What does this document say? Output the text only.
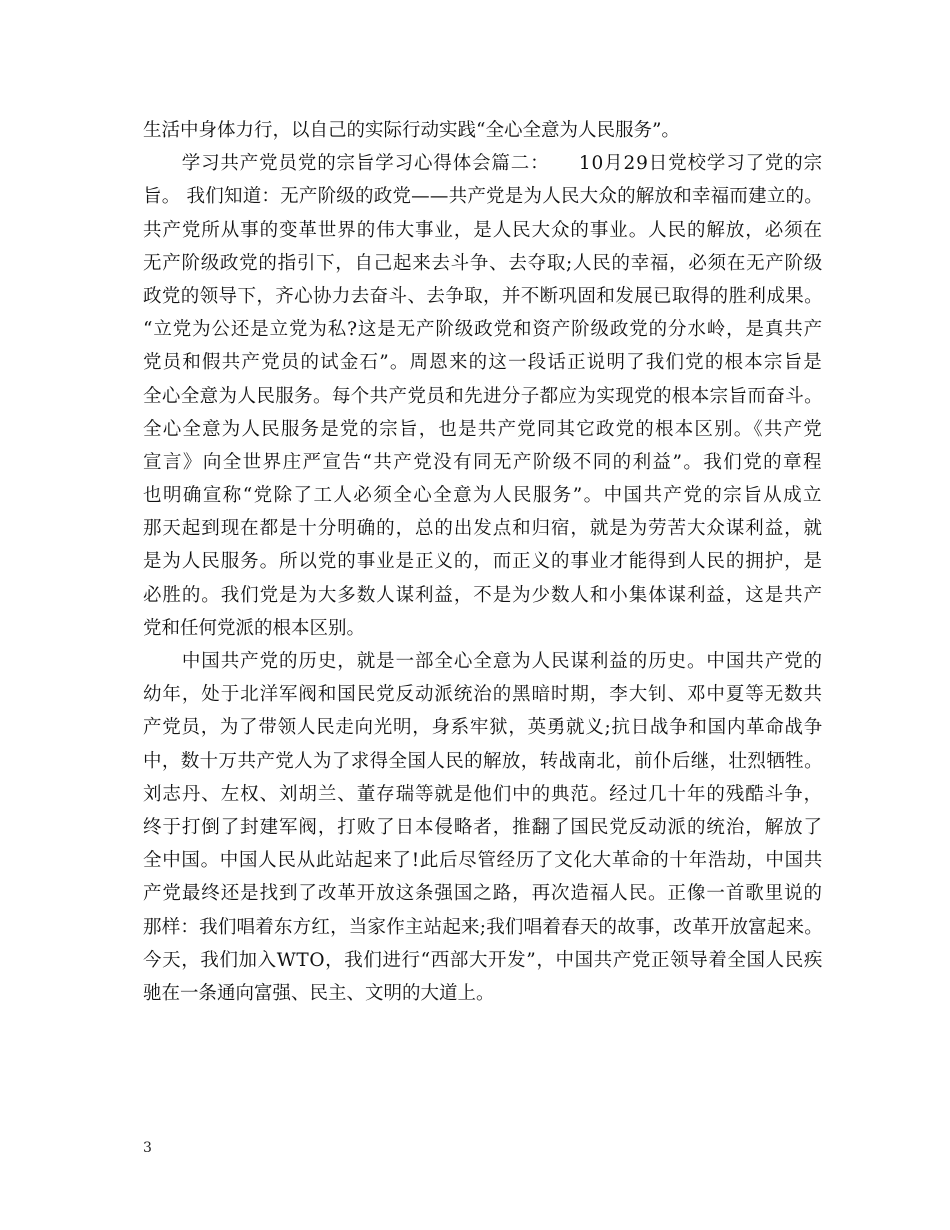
生活中身体力行，以自己的实际行动实践“全心全意为人民服务”。
　　学习共产党员党的宗旨学习心得体会篇二：　　10月29日党校学习了党的宗
旨。 我们知道：无产阶级的政党——共产党是为人民大众的解放和幸福而建立的。
共产党所从事的变革世界的伟大事业，是人民大众的事业。人民的解放，必须在
无产阶级政党的指引下，自己起来去斗争、去夺取;人民的幸福，必须在无产阶级
政党的领导下，齐心协力去奋斗、去争取，并不断巩固和发展已取得的胜利成果。
“立党为公还是立党为私?这是无产阶级政党和资产阶级政党的分水岭，是真共产
党员和假共产党员的试金石”。周恩来的这一段话正说明了我们党的根本宗旨是
全心全意为人民服务。每个共产党员和先进分子都应为实现党的根本宗旨而奋斗。
全心全意为人民服务是党的宗旨，也是共产党同其它政党的根本区别。《共产党
宣言》向全世界庄严宣告“共产党没有同无产阶级不同的利益”。我们党的章程
也明确宣称“党除了工人必须全心全意为人民服务”。中国共产党的宗旨从成立
那天起到现在都是十分明确的，总的出发点和归宿，就是为劳苦大众谋利益，就
是为人民服务。所以党的事业是正义的，而正义的事业才能得到人民的拥护，是
必胜的。我们党是为大多数人谋利益，不是为少数人和小集体谋利益，这是共产
党和任何党派的根本区别。
　　中国共产党的历史，就是一部全心全意为人民谋利益的历史。中国共产党的
幼年，处于北洋军阀和国民党反动派统治的黑暗时期，李大钊、邓中夏等无数共
产党员，为了带领人民走向光明，身系牢狱，英勇就义;抗日战争和国内革命战争
中，数十万共产党人为了求得全国人民的解放，转战南北，前仆后继，壮烈牺牲。
刘志丹、左权、刘胡兰、董存瑞等就是他们中的典范。经过几十年的残酷斗争，
终于打倒了封建军阀，打败了日本侵略者，推翻了国民党反动派的统治，解放了
全中国。中国人民从此站起来了!此后尽管经历了文化大革命的十年浩劫，中国共
产党最终还是找到了改革开放这条强国之路，再次造福人民。正像一首歌里说的
那样：我们唱着东方红，当家作主站起来;我们唱着春天的故事，改革开放富起来。
今天，我们加入WTO，我们进行“西部大开发”，中国共产党正领导着全国人民疾
驰在一条通向富强、民主、文明的大道上。
3
